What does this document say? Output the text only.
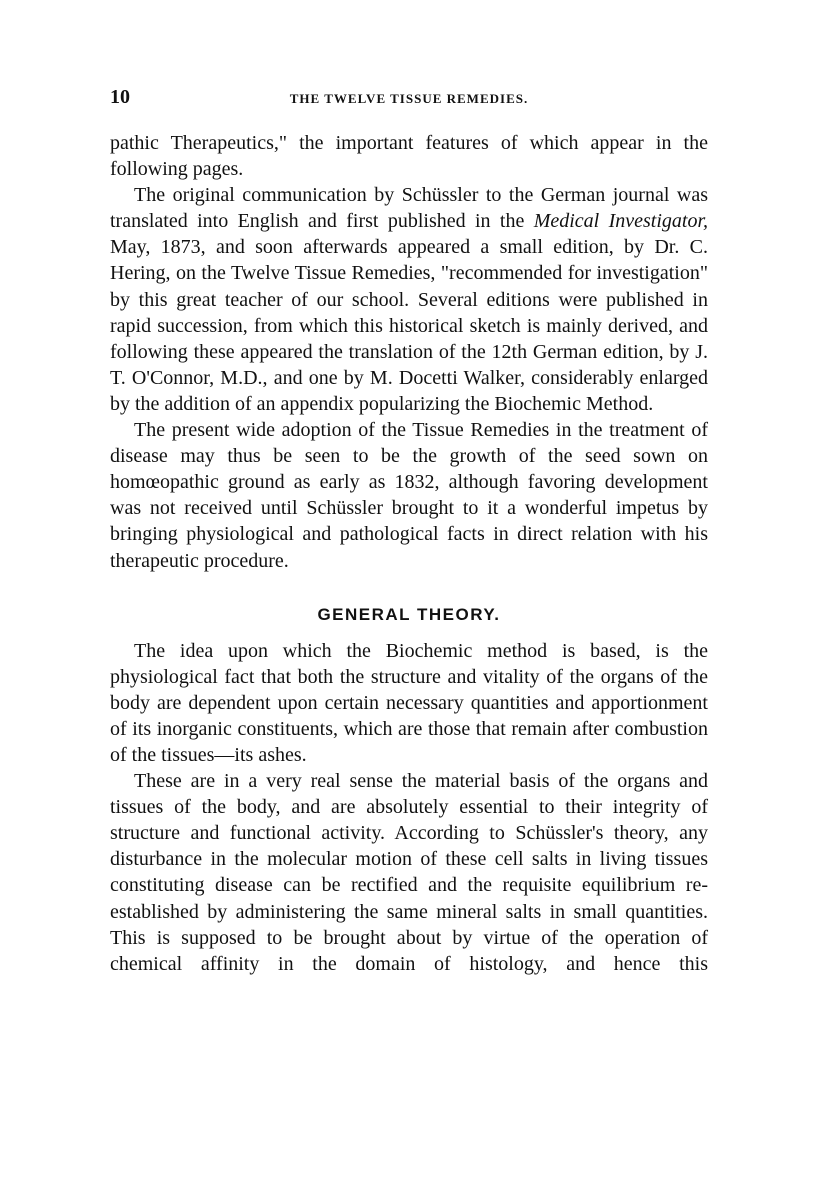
10	THE TWELVE TISSUE REMEDIES.

pathic Therapeutics," the important features of which appear in the following pages.

The original communication by Schüssler to the German journal was translated into English and first published in the Medical Investigator, May, 1873, and soon afterwards appeared a small edition, by Dr. C. Hering, on the Twelve Tissue Remedies, "recommended for investigation" by this great teacher of our school. Several editions were published in rapid succession, from which this historical sketch is mainly derived, and following these appeared the translation of the 12th German edition, by J. T. O'Connor, M.D., and one by M. Docetti Walker, considerably enlarged by the addition of an appendix popularizing the Biochemic Method.

The present wide adoption of the Tissue Remedies in the treatment of disease may thus be seen to be the growth of the seed sown on homœopathic ground as early as 1832, although favoring development was not received until Schüssler brought to it a wonderful impetus by bringing physiological and pathological facts in direct relation with his therapeutic procedure.

GENERAL THEORY.

The idea upon which the Biochemic method is based, is the physiological fact that both the structure and vitality of the organs of the body are dependent upon certain necessary quantities and apportionment of its inorganic constituents, which are those that remain after combustion of the tissues—its ashes.

These are in a very real sense the material basis of the organs and tissues of the body, and are absolutely essential to their integrity of structure and functional activity. According to Schüssler's theory, any disturbance in the molecular motion of these cell salts in living tissues constituting disease can be rectified and the requisite equilibrium re-established by administering the same mineral salts in small quantities. This is supposed to be brought about by virtue of the operation of chemical affinity in the domain of histology, and hence this
